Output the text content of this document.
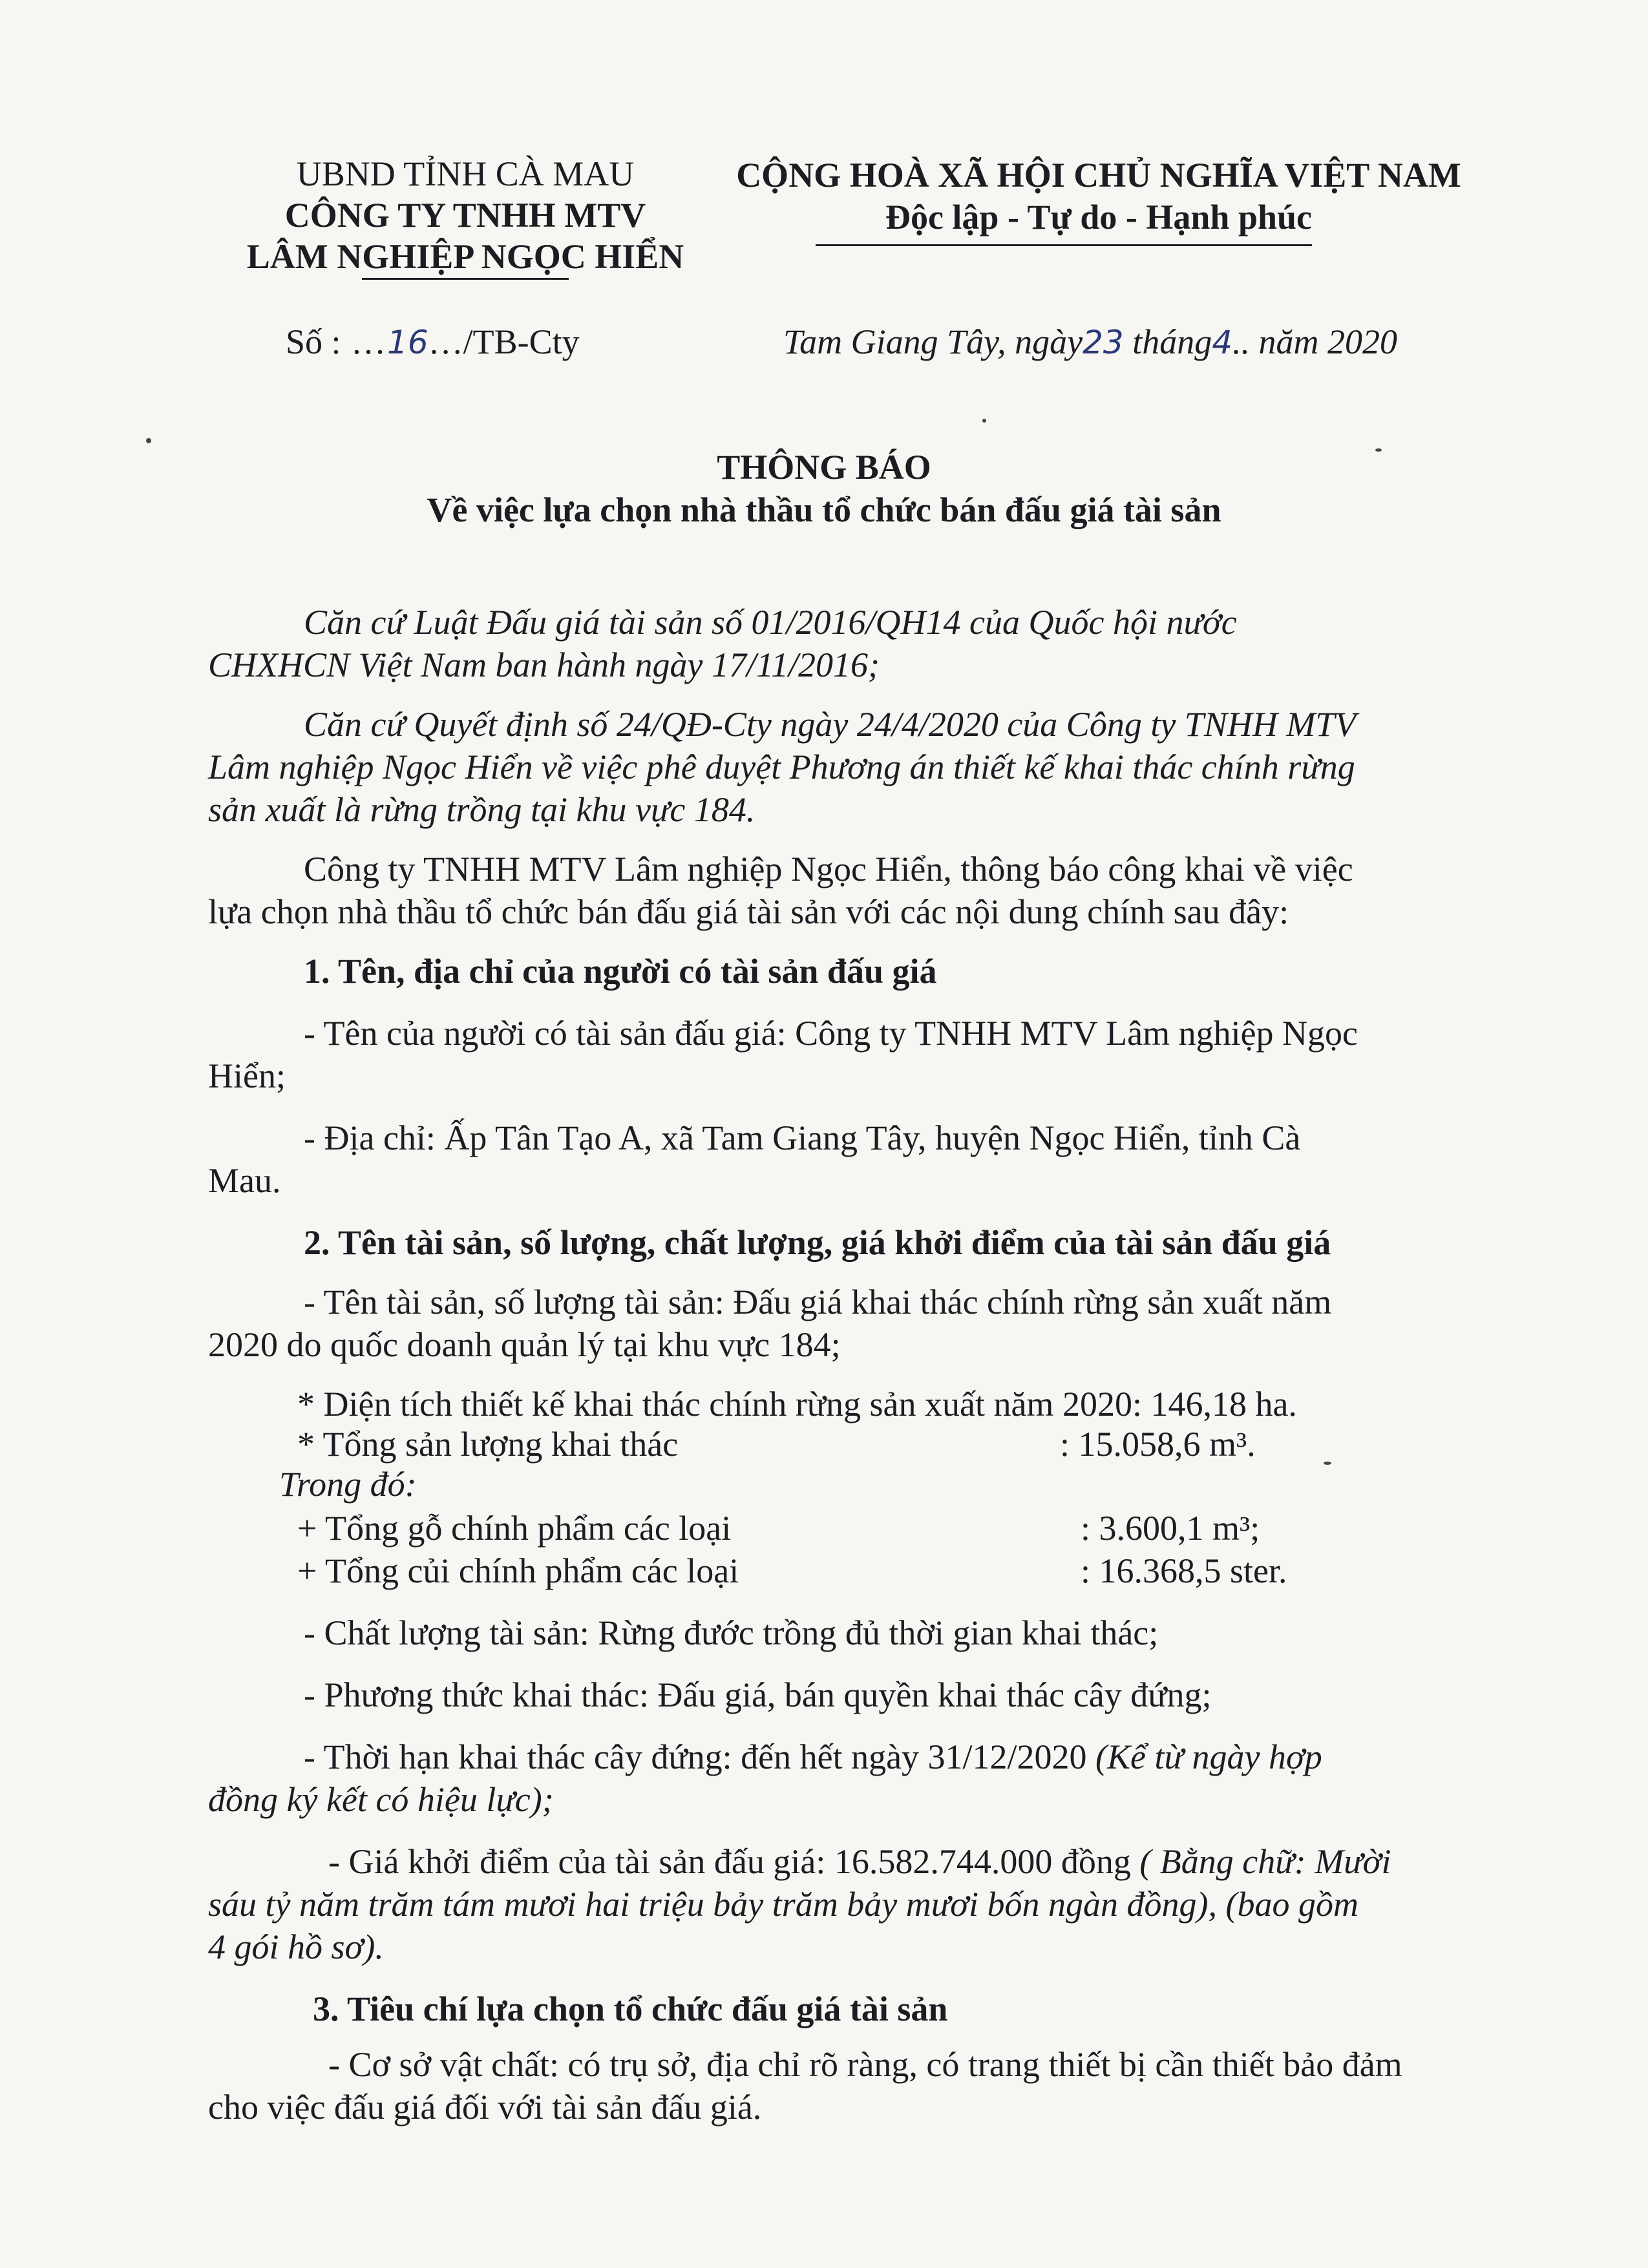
UBND TỈNH CÀ MAU
CÔNG TY TNHH MTV
LÂM NGHIỆP NGỌC HIỂN
Số : …16…/TB-Cty
CỘNG HOÀ XÃ HỘI CHỦ NGHĨA VIỆT NAM
Độc lập - Tự do - Hạnh phúc
Tam Giang Tây, ngày23 tháng4.. năm 2020
THÔNG BÁO
Về việc lựa chọn nhà thầu tổ chức bán đấu giá tài sản
Căn cứ Luật Đấu giá tài sản số 01/2016/QH14 của Quốc hội nước
CHXHCN Việt Nam ban hành ngày 17/11/2016;
Căn cứ Quyết định số 24/QĐ-Cty ngày 24/4/2020 của Công ty TNHH MTV
Lâm nghiệp Ngọc Hiển về việc phê duyệt Phương án thiết kế khai thác chính rừng
sản xuất là rừng trồng tại khu vực 184.
Công ty TNHH MTV Lâm nghiệp Ngọc Hiển, thông báo công khai về việc
lựa chọn nhà thầu tổ chức bán đấu giá tài sản với các nội dung chính sau đây:
1. Tên, địa chỉ của người có tài sản đấu giá
- Tên của người có tài sản đấu giá: Công ty TNHH MTV Lâm nghiệp Ngọc
Hiển;
- Địa chỉ: Ấp Tân Tạo A, xã Tam Giang Tây, huyện Ngọc Hiển, tỉnh Cà
Mau.
2. Tên tài sản, số lượng, chất lượng, giá khởi điểm của tài sản đấu giá
- Tên tài sản, số lượng tài sản: Đấu giá khai thác chính rừng sản xuất năm
2020 do quốc doanh quản lý tại khu vực 184;
* Diện tích thiết kế khai thác chính rừng sản xuất năm 2020: 146,18 ha.
* Tổng sản lượng khai thác	: 15.058,6 m³.
Trong đó:
+ Tổng gỗ chính phẩm các loại	: 3.600,1 m³;
+ Tổng củi chính phẩm các loại	: 16.368,5 ster.
- Chất lượng tài sản: Rừng đước trồng đủ thời gian khai thác;
- Phương thức khai thác: Đấu giá, bán quyền khai thác cây đứng;
- Thời hạn khai thác cây đứng: đến hết ngày 31/12/2020 (Kể từ ngày hợp
đồng ký kết có hiệu lực);
- Giá khởi điểm của tài sản đấu giá: 16.582.744.000 đồng ( Bằng chữ: Mười
sáu tỷ năm trăm tám mươi hai triệu bảy trăm bảy mươi bốn ngàn đồng), (bao gồm
4 gói hồ sơ).
3. Tiêu chí lựa chọn tổ chức đấu giá tài sản
- Cơ sở vật chất: có trụ sở, địa chỉ rõ ràng, có trang thiết bị cần thiết bảo đảm
cho việc đấu giá đối với tài sản đấu giá.
